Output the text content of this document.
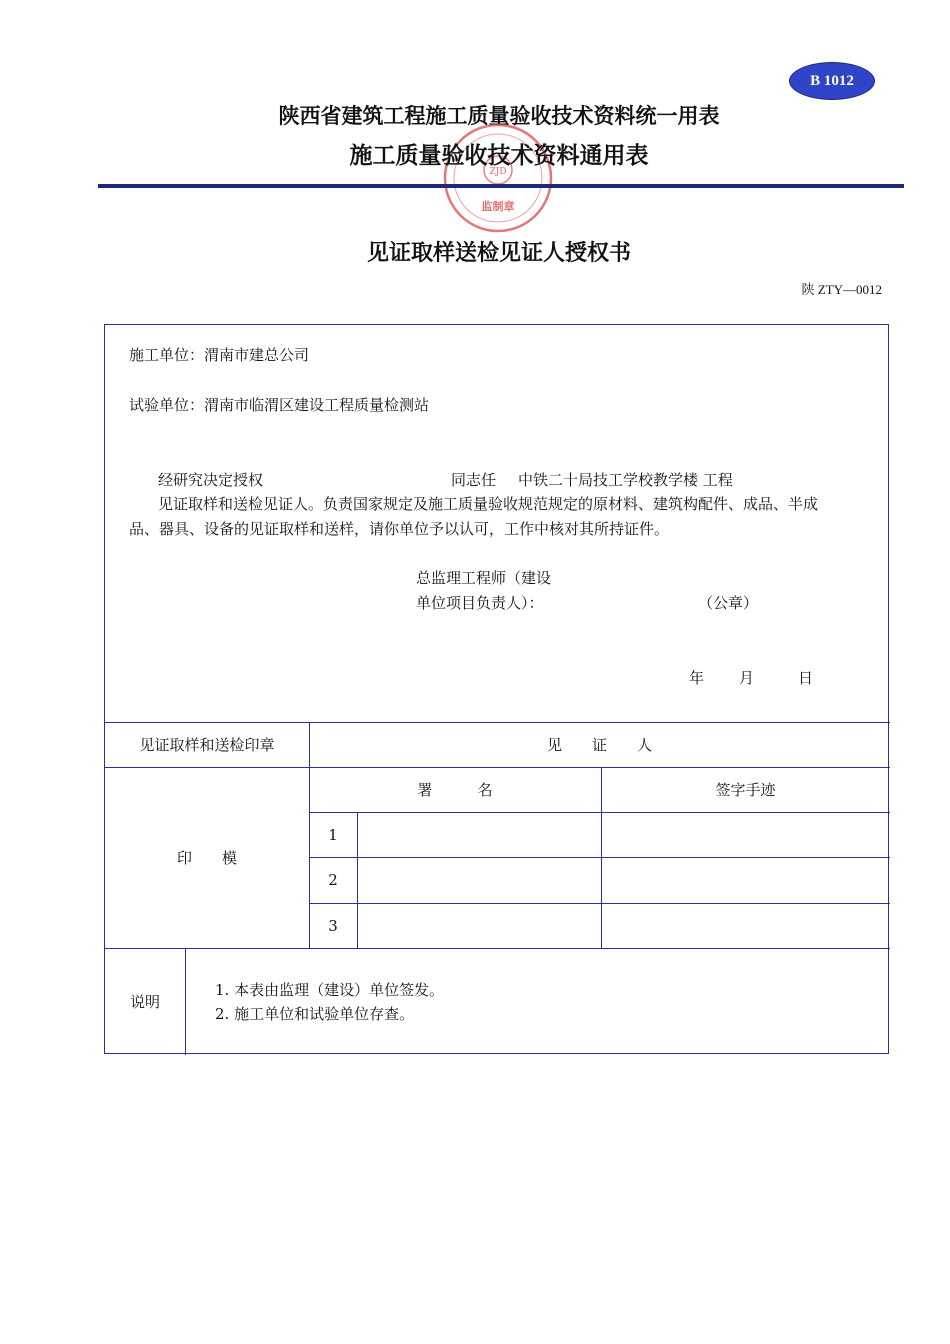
B 1012
陕西省建筑工程施工质量验收技术资料统一用表
ZJD
监制章
施工质量验收技术资料通用表
见证取样送检见证人授权书
陕 ZTY—0012
施工单位：渭南市建总公司
试验单位：渭南市临渭区建设工程质量检测站
经研究决定授权	同志任 中铁二十局技工学校教学楼 工程
见证取样和送检见证人。负责国家规定及施工质量验收规范规定的原材料、建筑构配件、成品、半成
品、器具、设备的见证取样和送样，请你单位予以认可，工作中核对其所持证件。
总监理工程师（建设
单位项目负责人）：	（公章）
年 月	日
见证取样和送检印章	见　　证　　人
署　　　名	签字手迹
印　　模
1
2
3
说明
1. 本表由监理（建设）单位签发。
2. 施工单位和试验单位存查。
